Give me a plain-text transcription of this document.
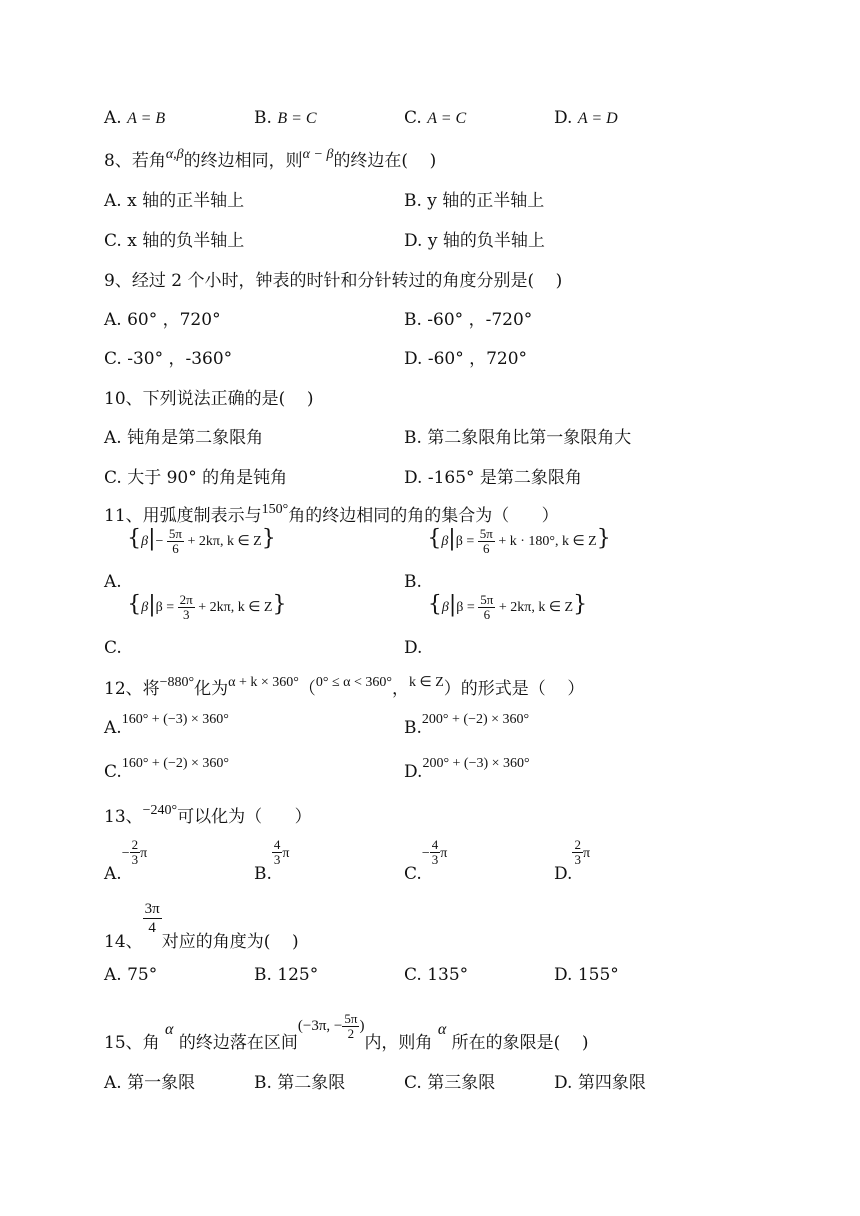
A. A = B	B. B = C	C. A = C	D. A = D
8、若角$^{\alpha,\beta}$的终边相同，则$^{\alpha - \beta}$的终边在(    )
A. x 轴的正半轴上	B. y 轴的正半轴上
C. x 轴的负半轴上	D. y 轴的负半轴上
9、经过 2 个小时，钟表的时针和分针转过的角度分别是(    )
A. 60° ，720°	B. -60° ，-720°
C. -30° ，-360°	D. -60° ，720°
10、下列说法正确的是(    )
A. 钝角是第二象限角	B. 第二象限角比第一象限角大
C. 大于 90° 的角是钝角	D. -165° 是第二象限角
11、用弧度制表示与$^{150^\circ}$角的终边相同的角的集合为（      ）
A. $^{\{\beta|- \frac{5\pi}{6} + 2k\pi, k \in Z\}}$
B. $^{\{\beta|\beta = \frac{5\pi}{6} + k \cdot 180^\circ, k \in Z\}}$
C. $^{\{\beta|\beta = \frac{2\pi}{3} + 2k\pi, k \in Z\}}$
D. $^{\{\beta|\beta = \frac{5\pi}{6} + 2k\pi, k \in Z\}}$
12、将$^{-880^\circ}$化为$^{\alpha + k \times 360^\circ}$（$^{0^\circ \le \alpha < 360^\circ}$，$^{k \in Z}$）的形式是（    ）
A.$^{160^\circ + (-3) \times 360^\circ}$	B.$^{200^\circ + (-2) \times 360^\circ}$
C.$^{160^\circ + (-2) \times 360^\circ}$	D.$^{200^\circ + (-3) \times 360^\circ}$
13、$^{-240^\circ}$可以化为（      ）
$A.^- \frac{2}{3} ^\pi$
B.
$\frac{4}{3} ^\pi$
$C.^- \frac{4}{3} ^\pi$
D.
$\frac{2}{3} ^\pi$
14、
$\frac{3\pi}{4}$
对应的角度为(    )
A. 75°	B. 125°	C. 135°	D. 155°
15、角 α 的终边落在区间(−3π, − $\frac{5\pi}{2}$ )内，则角 α 所在的象限是(    )
A. 第一象限	B. 第二象限	C. 第三象限	D. 第四象限
